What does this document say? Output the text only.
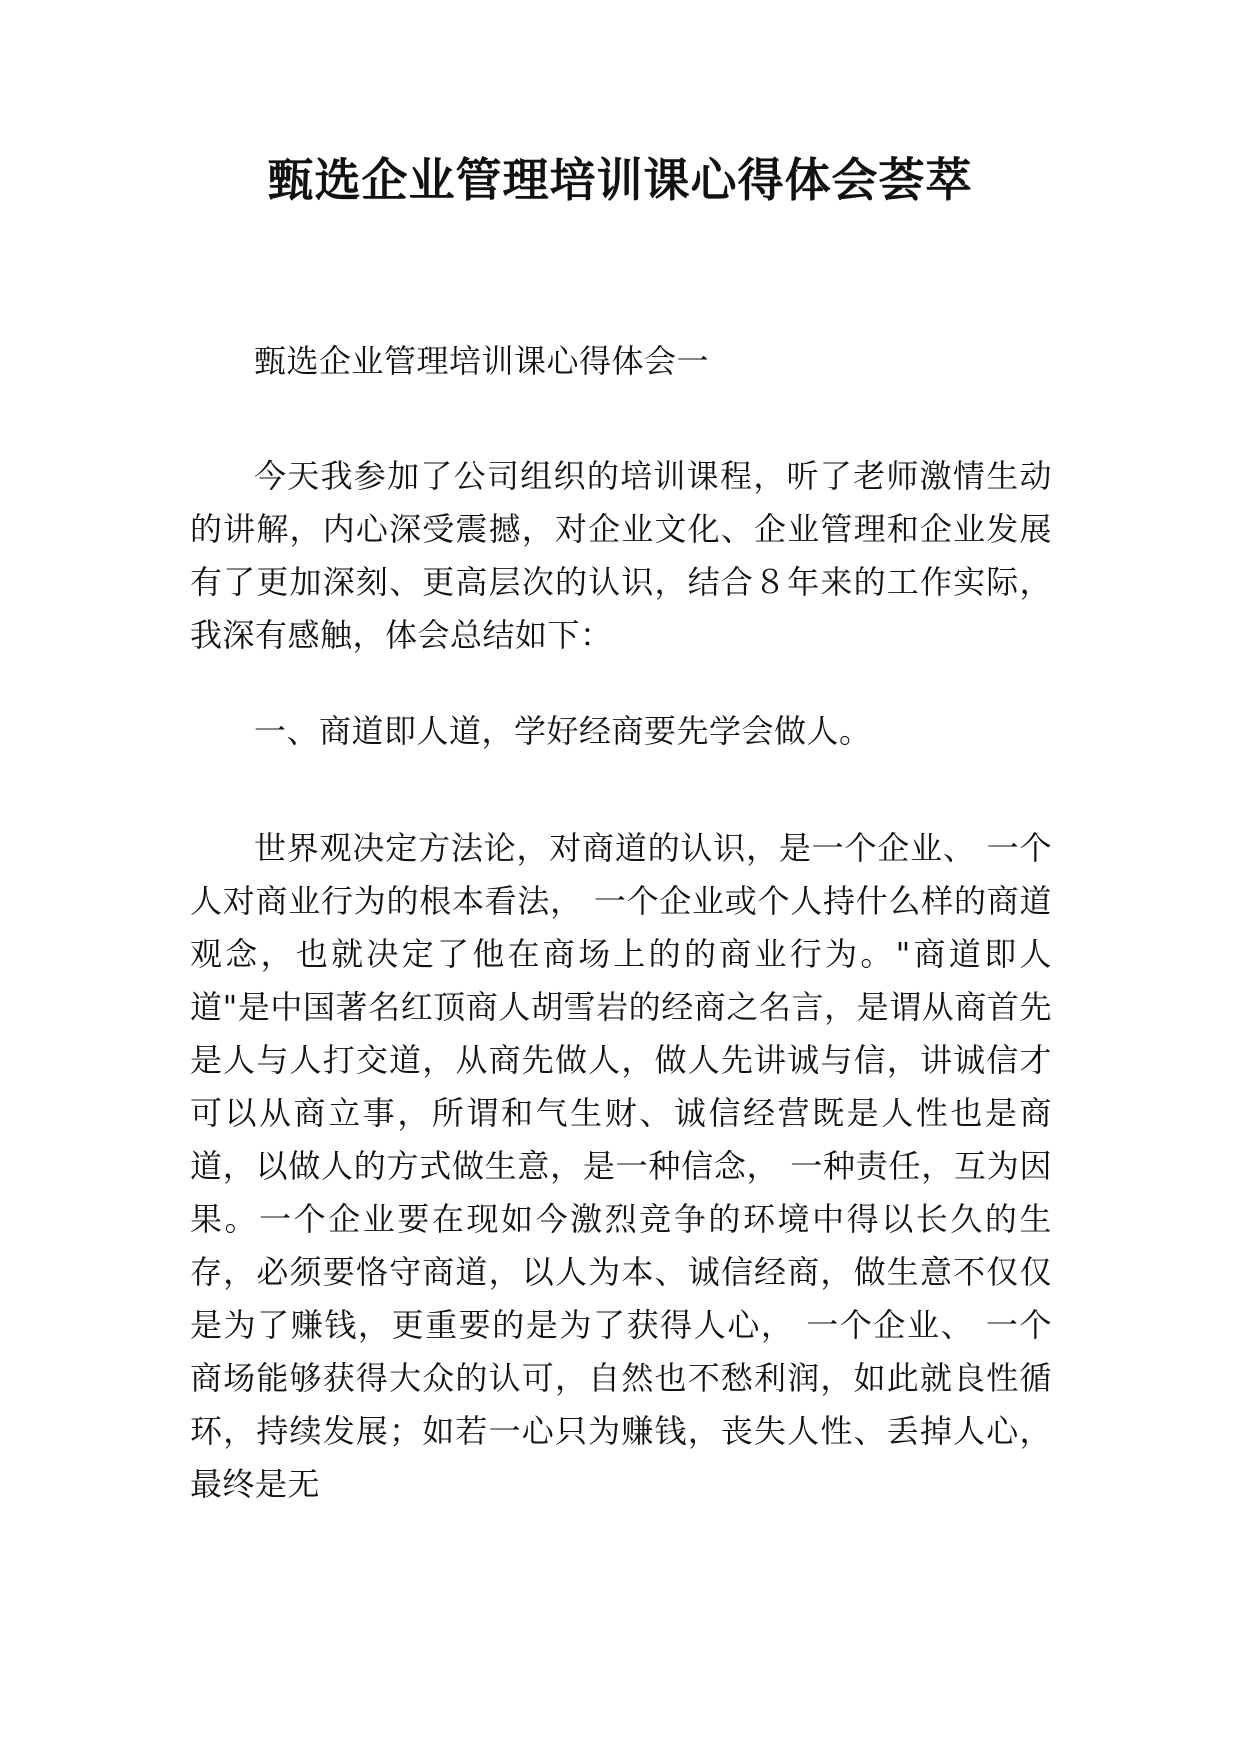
甄选企业管理培训课心得体会荟萃

甄选企业管理培训课心得体会一

今天我参加了公司组织的培训课程，听了老师激情生动的讲解，内心深受震撼，对企业文化、企业管理和企业发展有了更加深刻、更高层次的认识，结合８年来的工作实际，我深有感触，体会总结如下：

一、商道即人道，学好经商要先学会做人。

世界观决定方法论，对商道的认识，是一个企业、 一个人对商业行为的根本看法， 一个企业或个人持什么样的商道观念，也就决定了他在商场上的的商业行为。"商道即人道"是中国著名红顶商人胡雪岩的经商之名言，是谓从商首先是人与人打交道，从商先做人，做人先讲诚与信，讲诚信才可以从商立事，所谓和气生财、诚信经营既是人性也是商道，以做人的方式做生意，是一种信念， 一种责任，互为因果。一个企业要在现如今激烈竞争的环境中得以长久的生存，必须要恪守商道，以人为本、诚信经商，做生意不仅仅是为了赚钱，更重要的是为了获得人心， 一个企业、 一个商场能够获得大众的认可，自然也不愁利润，如此就良性循环，持续发展；如若一心只为赚钱，丧失人性、丢掉人心，最终是无
